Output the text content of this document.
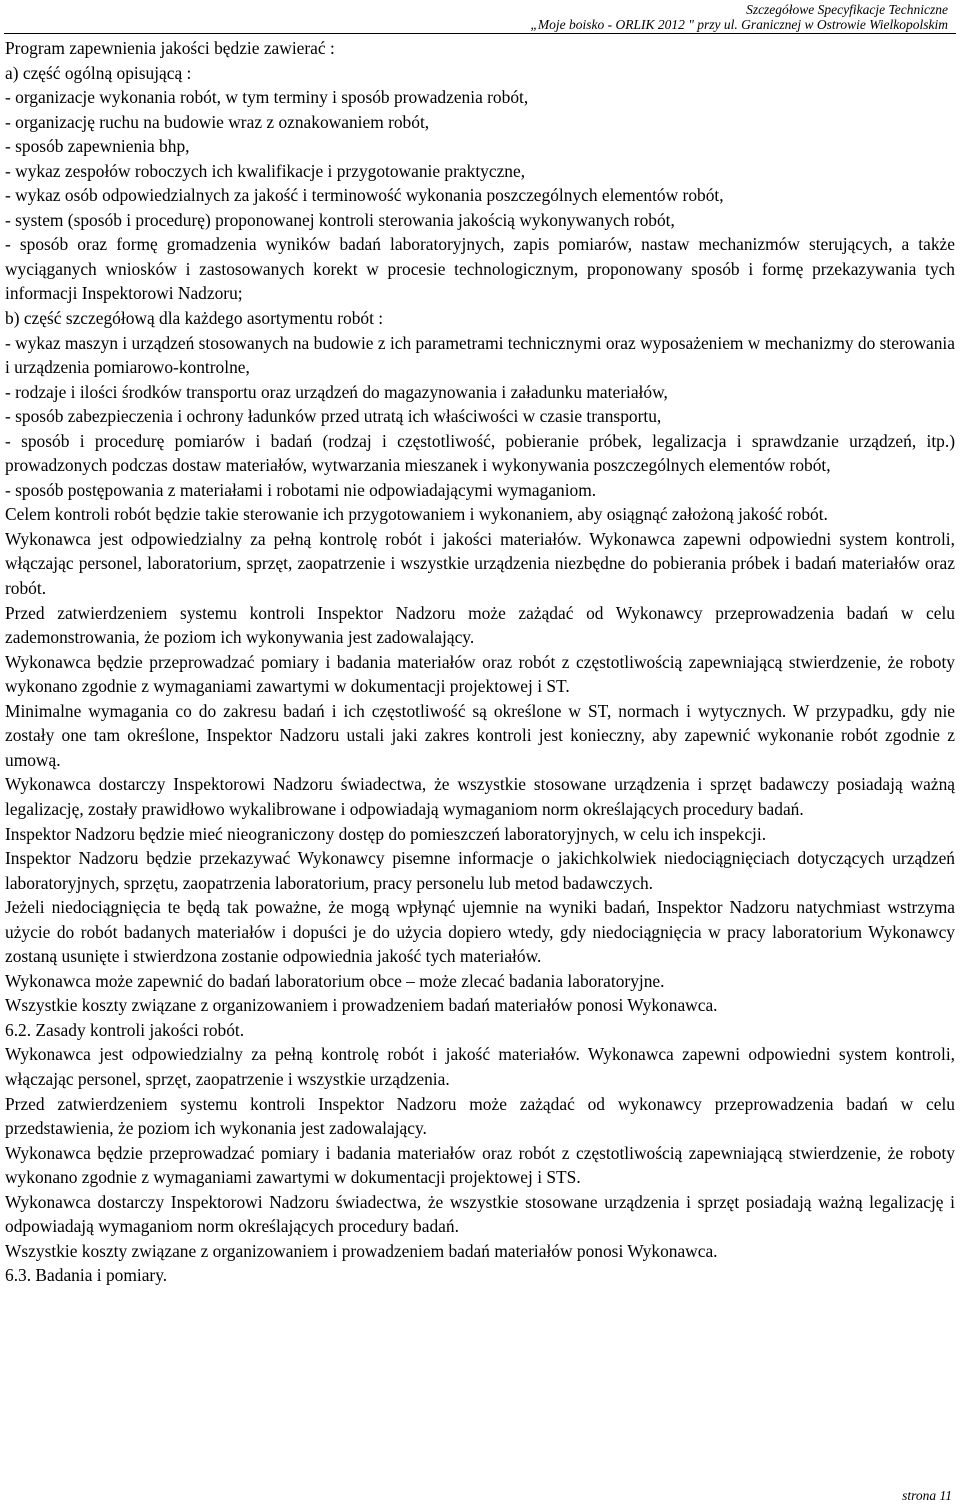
Szczegółowe Specyfikacje Techniczne
„Moje boisko - ORLIK 2012 " przy ul. Granicznej w Ostrowie Wielkopolskim

Program zapewnienia jakości będzie zawierać :

a) część ogólną opisującą :

- organizacje wykonania robót, w tym terminy i sposób prowadzenia robót,

- organizację ruchu na budowie wraz z oznakowaniem robót,

- sposób zapewnienia bhp,

- wykaz zespołów roboczych ich kwalifikacje i przygotowanie praktyczne,

- wykaz osób odpowiedzialnych za jakość i terminowość wykonania poszczególnych elementów robót,

- system (sposób i procedurę) proponowanej kontroli sterowania jakością wykonywanych robót,

- sposób oraz formę gromadzenia wyników badań laboratoryjnych, zapis pomiarów, nastaw mechanizmów sterujących, a także wyciąganych wniosków i zastosowanych korekt w procesie technologicznym, proponowany sposób i formę przekazywania tych informacji Inspektorowi Nadzoru;

b) część szczegółową dla każdego asortymentu robót :

- wykaz maszyn i urządzeń stosowanych na budowie z ich parametrami technicznymi oraz wyposażeniem w mechanizmy do sterowania i urządzenia pomiarowo-kontrolne,

- rodzaje i ilości środków transportu oraz urządzeń do magazynowania i załadunku materiałów,

- sposób zabezpieczenia i ochrony ładunków przed utratą ich właściwości w czasie transportu,

- sposób i procedurę pomiarów i badań (rodzaj i częstotliwość, pobieranie próbek, legalizacja i sprawdzanie urządzeń, itp.) prowadzonych podczas dostaw materiałów, wytwarzania mieszanek i wykonywania poszczególnych elementów robót,

- sposób postępowania z materiałami i robotami nie odpowiadającymi wymaganiom.

Celem kontroli robót będzie takie sterowanie ich przygotowaniem i wykonaniem, aby osiągnąć założoną jakość robót.

Wykonawca jest odpowiedzialny za pełną kontrolę robót i jakości materiałów. Wykonawca zapewni odpowiedni system kontroli, włączając personel, laboratorium, sprzęt, zaopatrzenie i wszystkie urządzenia niezbędne do pobierania próbek i badań materiałów oraz robót.

Przed zatwierdzeniem systemu kontroli Inspektor Nadzoru może zażądać od Wykonawcy przeprowadzenia badań w celu zademonstrowania, że poziom ich wykonywania jest zadowalający.

Wykonawca będzie przeprowadzać pomiary i badania materiałów oraz robót z częstotliwością zapewniającą stwierdzenie, że roboty wykonano zgodnie z wymaganiami zawartymi w dokumentacji projektowej i ST.

Minimalne wymagania co do zakresu badań i ich częstotliwość są określone w ST, normach i wytycznych. W przypadku, gdy nie zostały one tam określone, Inspektor Nadzoru ustali jaki zakres kontroli jest konieczny, aby zapewnić wykonanie robót zgodnie z umową.

Wykonawca dostarczy Inspektorowi Nadzoru świadectwa, że wszystkie stosowane urządzenia i sprzęt badawczy posiadają ważną legalizację, zostały prawidłowo wykalibrowane i odpowiadają wymaganiom norm określających procedury badań.

Inspektor Nadzoru będzie mieć nieograniczony dostęp do pomieszczeń laboratoryjnych, w celu ich inspekcji.

Inspektor Nadzoru będzie przekazywać Wykonawcy pisemne informacje o jakichkolwiek niedociągnięciach dotyczących urządzeń laboratoryjnych, sprzętu, zaopatrzenia laboratorium, pracy personelu lub metod badawczych.

Jeżeli niedociągnięcia te będą tak poważne, że mogą wpłynąć ujemnie na wyniki badań, Inspektor Nadzoru natychmiast wstrzyma użycie do robót badanych materiałów i dopuści je do użycia dopiero wtedy, gdy niedociągnięcia w pracy laboratorium Wykonawcy zostaną usunięte i stwierdzona zostanie odpowiednia jakość tych materiałów.

Wykonawca może zapewnić do badań laboratorium obce – może zlecać badania laboratoryjne.

Wszystkie koszty związane z organizowaniem i prowadzeniem badań materiałów ponosi Wykonawca.

6.2. Zasady kontroli jakości robót.

Wykonawca jest odpowiedzialny za pełną kontrolę robót i jakość materiałów. Wykonawca zapewni odpowiedni system kontroli, włączając personel, sprzęt, zaopatrzenie i wszystkie urządzenia.

Przed zatwierdzeniem systemu kontroli Inspektor Nadzoru może zażądać od wykonawcy przeprowadzenia badań w celu przedstawienia, że poziom ich wykonania jest zadowalający.

Wykonawca będzie przeprowadzać pomiary i badania materiałów oraz robót z częstotliwością zapewniającą stwierdzenie, że roboty wykonano zgodnie z wymaganiami zawartymi w dokumentacji projektowej i STS.

Wykonawca dostarczy Inspektorowi Nadzoru świadectwa, że wszystkie stosowane urządzenia i sprzęt posiadają ważną legalizację i odpowiadają wymaganiom norm określających procedury badań.

Wszystkie koszty związane z organizowaniem i prowadzeniem badań materiałów ponosi Wykonawca.

6.3. Badania i pomiary.

strona 11
